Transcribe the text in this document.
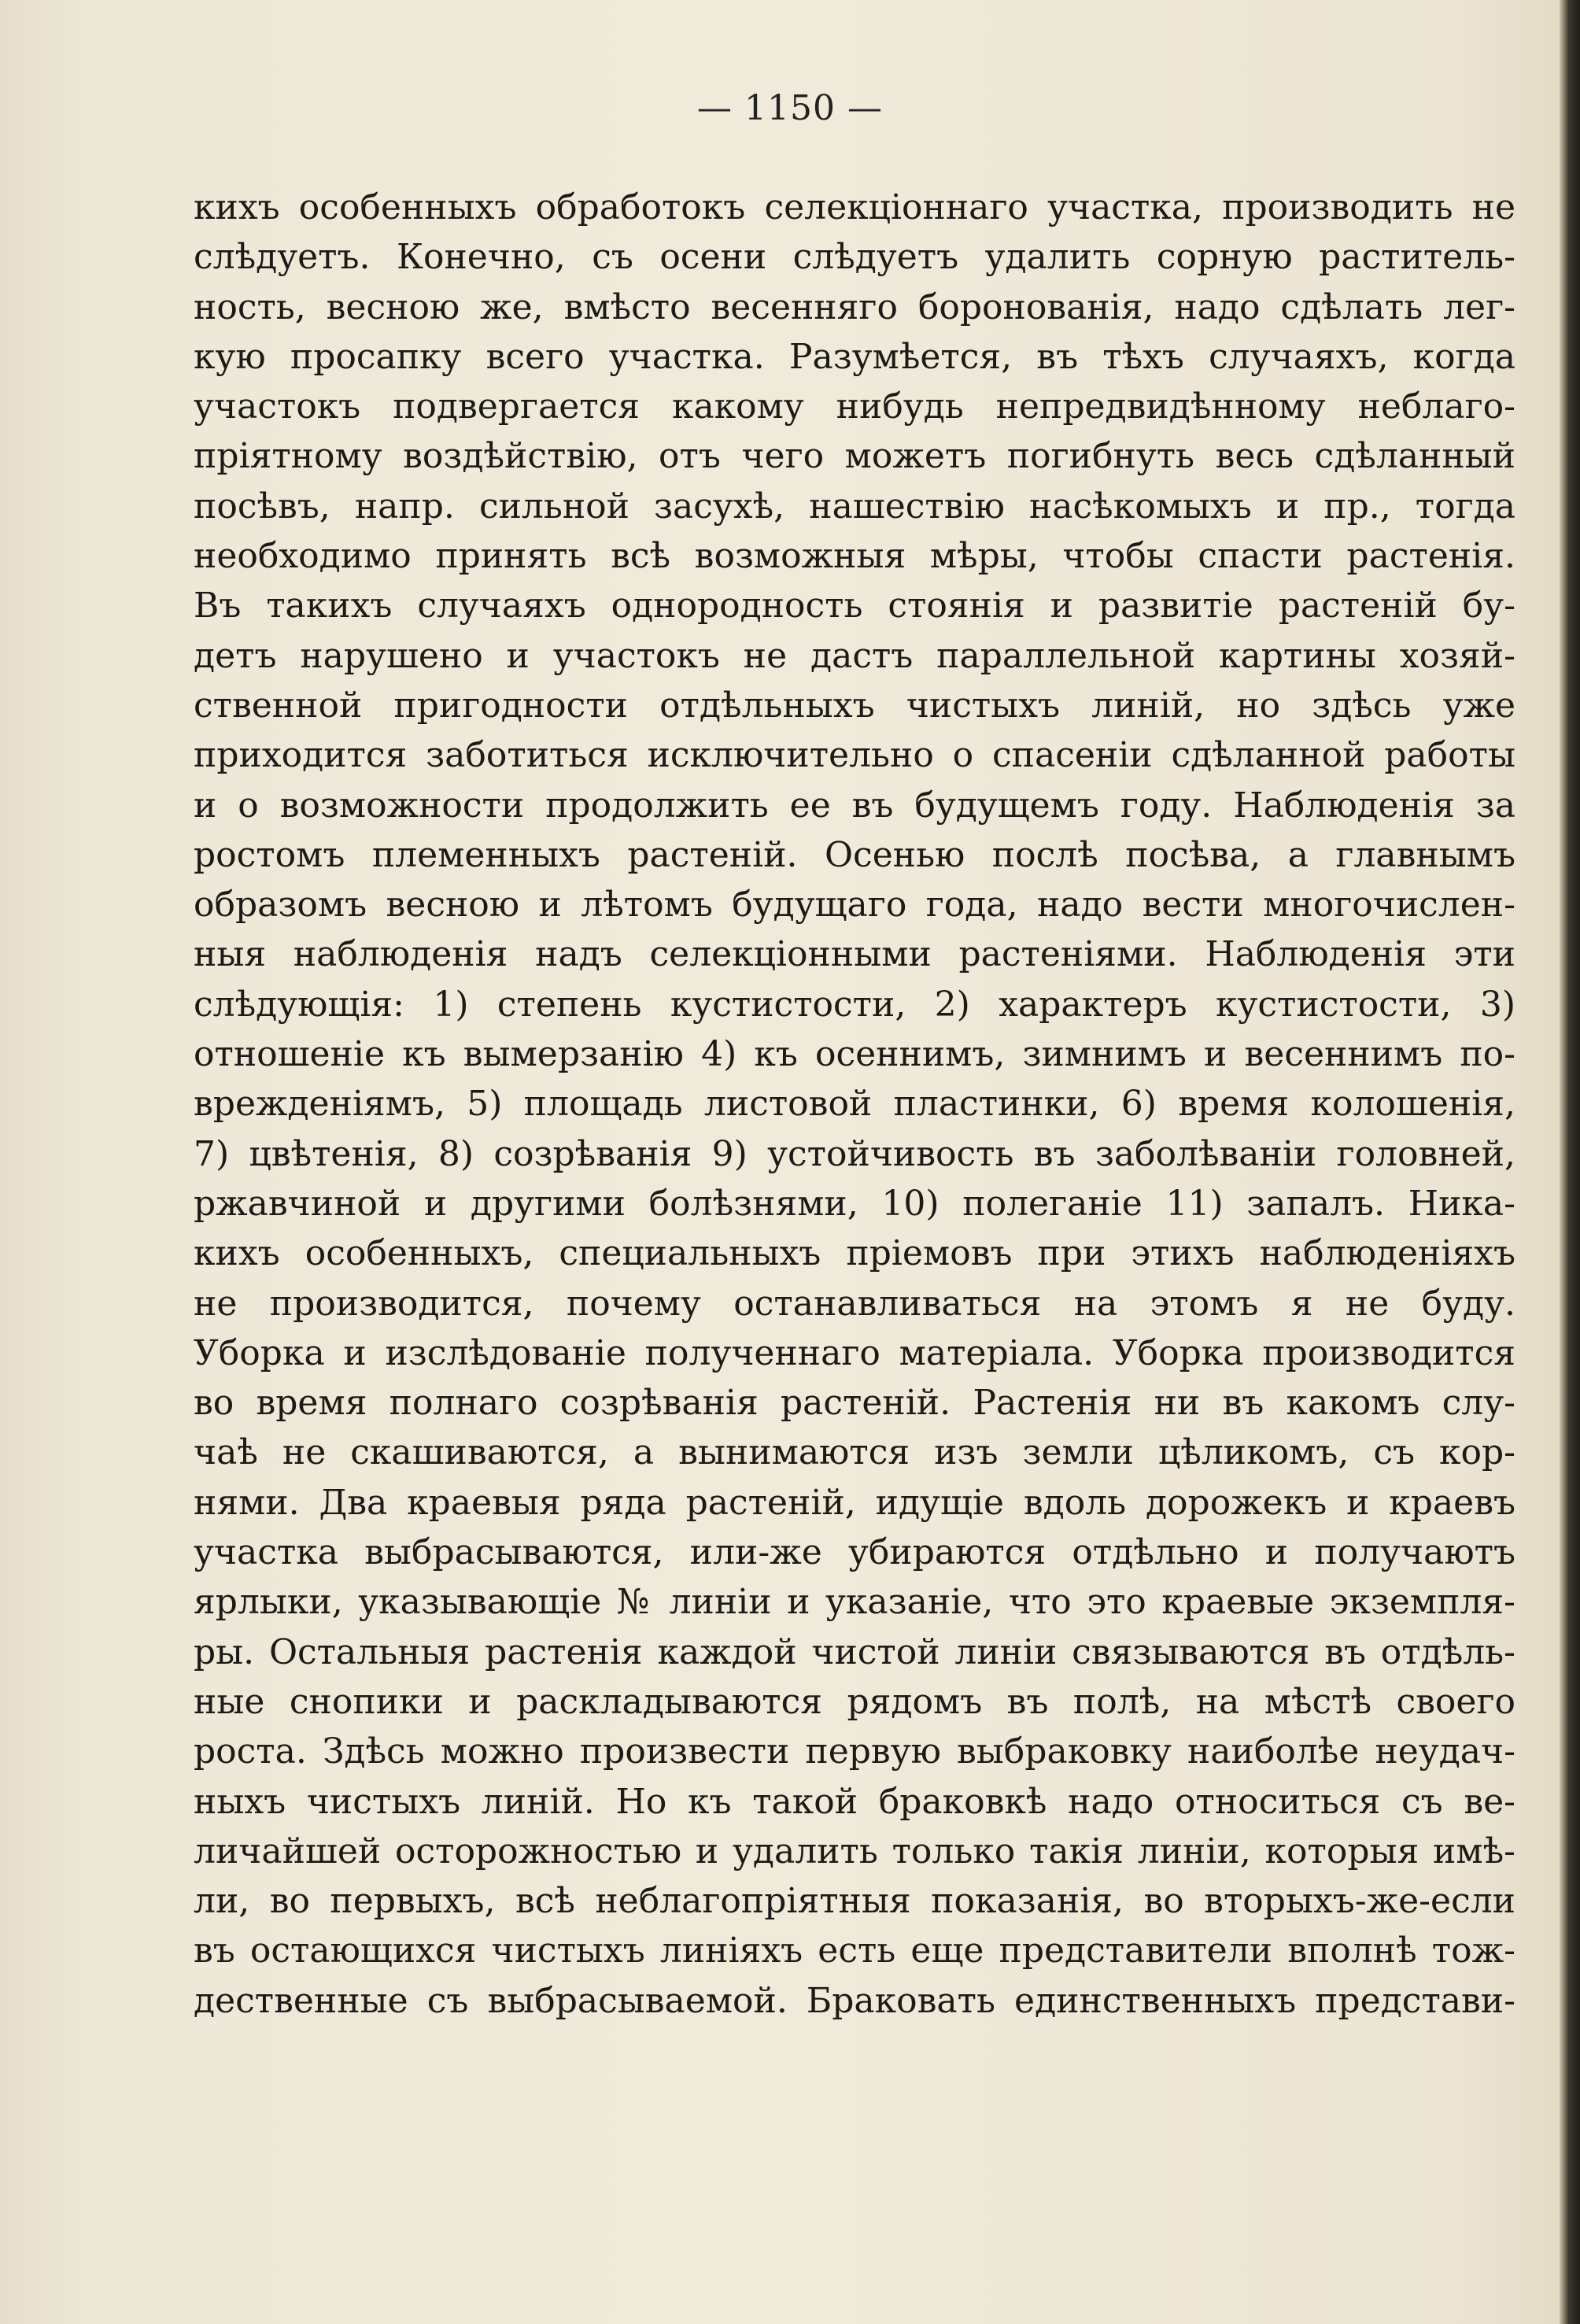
— 1150 —
кихъ особенныхъ обработокъ селекціоннаго участка, производить не
слѣдуетъ. Конечно, съ осени слѣдуетъ удалить сорную раститель-
ность, весною же, вмѣсто весенняго боронованія, надо сдѣлать лег-
кую просапку всего участка. Разумѣется, въ тѣхъ случаяхъ, когда
участокъ подвергается какому нибудь непредвидѣнному неблаго-
пріятному воздѣйствію, отъ чего можетъ погибнуть весь сдѣланный
посѣвъ, напр. сильной засухѣ, нашествію насѣкомыхъ и пр., тогда
необходимо принять всѣ возможныя мѣры, чтобы спасти растенія.
Въ такихъ случаяхъ однородность стоянія и развитіе растеній бу-
детъ нарушено и участокъ не дастъ параллельной картины хозяй-
ственной пригодности отдѣльныхъ чистыхъ линій, но здѣсь уже
приходится заботиться исключительно о спасеніи сдѣланной работы
и о возможности продолжить ее въ будущемъ году. Наблюденія за
ростомъ племенныхъ растеній. Осенью послѣ посѣва, а главнымъ
образомъ весною и лѣтомъ будущаго года, надо вести многочислен-
ныя наблюденія надъ селекціонными растеніями. Наблюденія эти
слѣдующія: 1) степень кустистости, 2) характеръ кустистости, 3)
отношеніе къ вымерзанію 4) къ осеннимъ, зимнимъ и весеннимъ по-
врежденіямъ, 5) площадь листовой пластинки, 6) время колошенія,
7) цвѣтенія, 8) созрѣванія 9) устойчивость въ заболѣваніи головней,
ржавчиной и другими болѣзнями, 10) полеганіе 11) запалъ. Ника-
кихъ особенныхъ, специальныхъ пріемовъ при этихъ наблюденіяхъ
не производится, почему останавливаться на этомъ я не буду.
Уборка и изслѣдованіе полученнаго матеріала. Уборка производится
во время полнаго созрѣванія растеній. Растенія ни въ какомъ слу-
чаѣ не скашиваются, а вынимаются изъ земли цѣликомъ, съ кор-
нями. Два краевыя ряда растеній, идущіе вдоль дорожекъ и краевъ
участка выбрасываются, или-же убираются отдѣльно и получаютъ
ярлыки, указывающіе № линіи и указаніе, что это краевые экземпля-
ры. Остальныя растенія каждой чистой линіи связываются въ отдѣль-
ные снопики и раскладываются рядомъ въ полѣ, на мѣстѣ своего
роста. Здѣсь можно произвести первую выбраковку наиболѣе неудач-
ныхъ чистыхъ линій. Но къ такой браковкѣ надо относиться съ ве-
личайшей осторожностью и удалить только такія линіи, которыя имѣ-
ли, во первыхъ, всѣ неблагопріятныя показанія, во вторыхъ-же-если
въ остающихся чистыхъ линіяхъ есть еще представители вполнѣ тож-
дественные съ выбрасываемой. Браковать единственныхъ представи-
